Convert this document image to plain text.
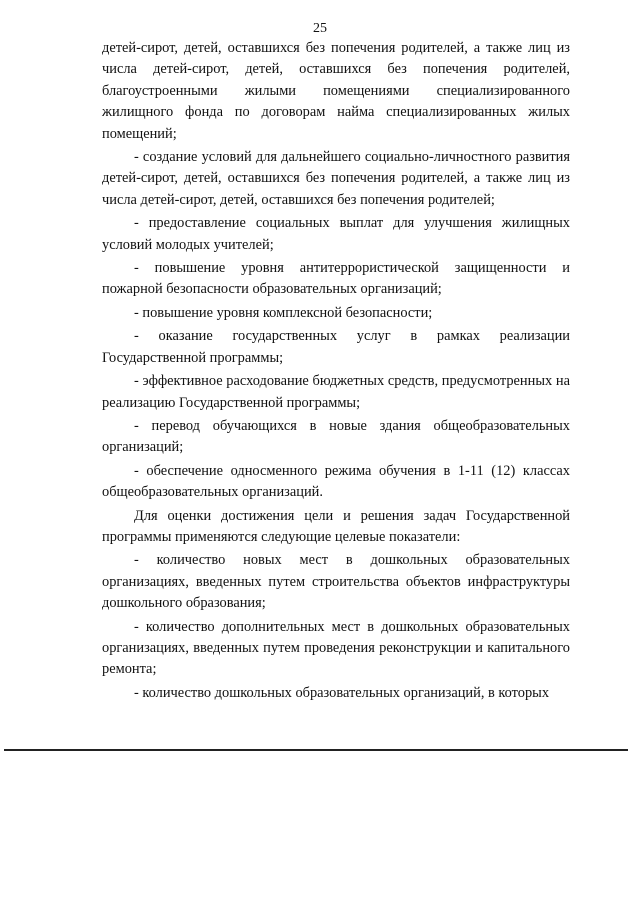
25

детей-сирот, детей, оставшихся без попечения родителей, а также лиц из числа детей-сирот, детей, оставшихся без попечения родителей, благоустроенными жилыми помещениями специализированного жилищного фонда по договорам найма специализированных жилых помещений;

- создание условий для дальнейшего социально-личностного развития детей-сирот, детей, оставшихся без попечения родителей, а также лиц из числа детей-сирот, детей, оставшихся без попечения родителей;

- предоставление социальных выплат для улучшения жилищных условий молодых учителей;

- повышение уровня антитеррористической защищенности и пожарной безопасности образовательных организаций;

- повышение уровня комплексной безопасности;

- оказание государственных услуг в рамках реализации Государственной программы;

- эффективное расходование бюджетных средств, предусмотренных на реализацию Государственной программы;

- перевод обучающихся в новые здания общеобразовательных организаций;

- обеспечение односменного режима обучения в 1-11 (12) классах общеобразовательных организаций.

Для оценки достижения цели и решения задач Государственной программы применяются следующие целевые показатели:

- количество новых мест в дошкольных образовательных организациях, введенных путем строительства объектов инфраструктуры дошкольного образования;

- количество дополнительных мест в дошкольных образовательных организациях, введенных путем проведения реконструкции и капитального ремонта;

- количество дошкольных образовательных организаций, в которых
